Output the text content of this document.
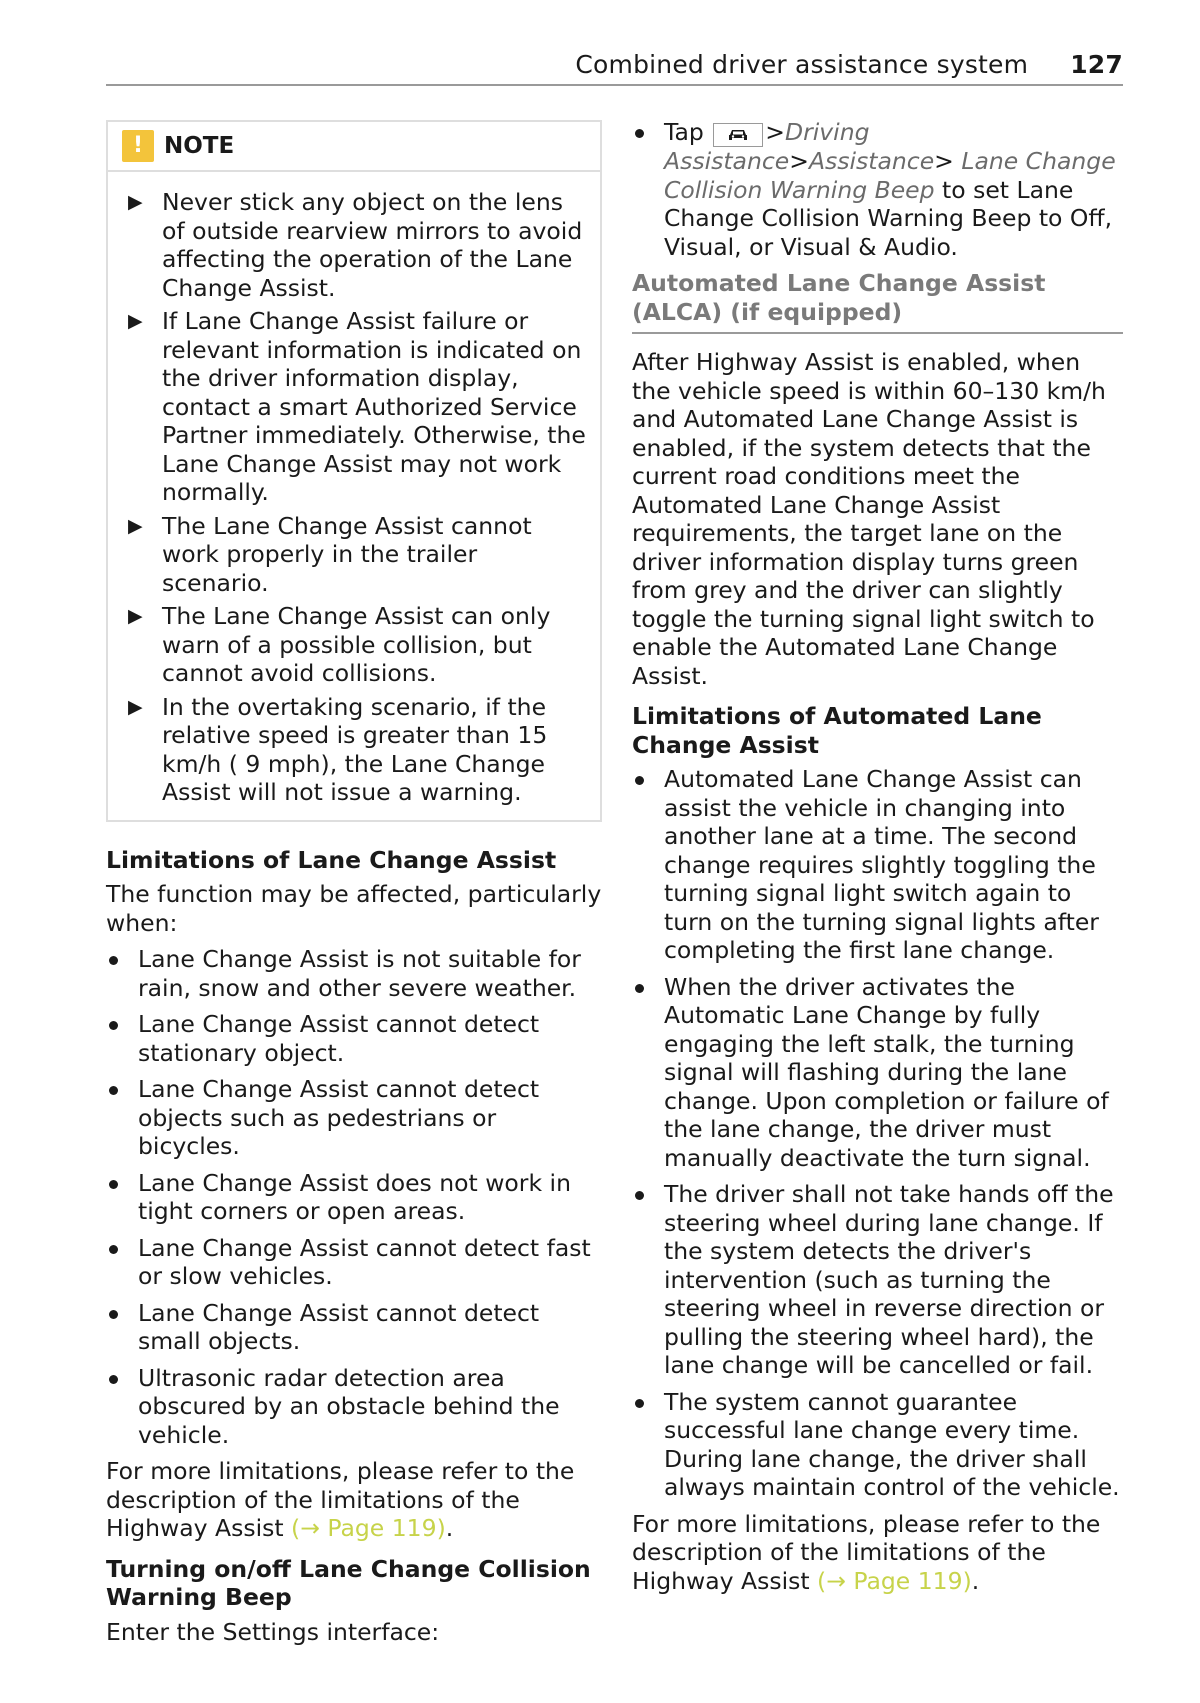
Combined driver assistance system 127
! NOTE
▶ Never stick any object on the lens of outside rearview mirrors to avoid affecting the operation of the Lane Change Assist.
▶ If Lane Change Assist failure or relevant information is indicated on the driver information display, contact a smart Authorized Service Partner immediately. Otherwise, the Lane Change Assist may not work normally.
▶ The Lane Change Assist cannot work properly in the trailer scenario.
▶ The Lane Change Assist can only warn of a possible collision, but cannot avoid collisions.
▶ In the overtaking scenario, if the relative speed is greater than 15 km/h ( 9 mph), the Lane Change Assist will not issue a warning.
Limitations of Lane Change Assist

The function may be affected, particularly when:

Lane Change Assist is not suitable for rain, snow and other severe weather.
Lane Change Assist cannot detect stationary object.
Lane Change Assist cannot detect objects such as pedestrians or bicycles.
Lane Change Assist does not work in tight corners or open areas.
Lane Change Assist cannot detect fast or slow vehicles.
Lane Change Assist cannot detect small objects.
Ultrasonic radar detection area obscured by an obstacle behind the vehicle.

For more limitations, please refer to the description of the limitations of the Highway Assist (→ Page 119).

Turning on/off Lane Change Collision Warning Beep

Enter the Settings interface:

Tap	>Driving Assistance>Assistance> Lane Change Collision Warning Beep to set Lane Change Collision Warning Beep to Off, Visual, or Visual & Audio.
Automated Lane Change Assist (ALCA) (if equipped)

After Highway Assist is enabled, when the vehicle speed is within 60–130 km/h and Automated Lane Change Assist is enabled, if the system detects that the current road conditions meet the Automated Lane Change Assist requirements, the target lane on the driver information display turns green from grey and the driver can slightly toggle the turning signal light switch to enable the Automated Lane Change Assist.

Limitations of Automated Lane Change Assist
Automated Lane Change Assist can assist the vehicle in changing into another lane at a time. The second change requires slightly toggling the turning signal light switch again to turn on the turning signal lights after completing the first lane change.
When the driver activates the Automatic Lane Change by fully engaging the left stalk, the turning signal will flashing during the lane change. Upon completion or failure of the lane change, the driver must manually deactivate the turn signal.
The driver shall not take hands off the steering wheel during lane change. If the system detects the driver's intervention (such as turning the steering wheel in reverse direction or pulling the steering wheel hard), the lane change will be cancelled or fail.
The system cannot guarantee successful lane change every time. During lane change, the driver shall always maintain control of the vehicle.

For more limitations, please refer to the description of the limitations of the Highway Assist (→ Page 119).
